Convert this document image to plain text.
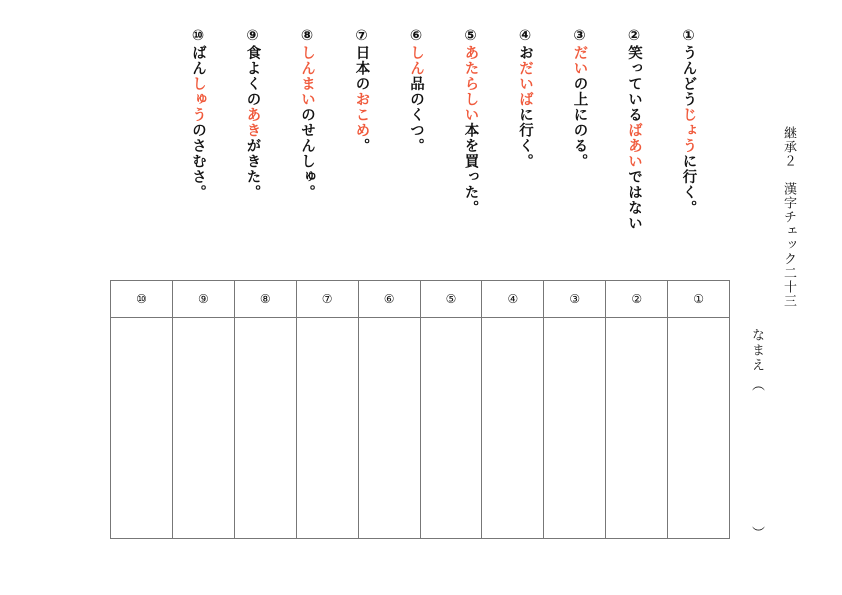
継承２　漢字チェック二十三
なまえ
（
）
①うんどうじょうに行く。
②笑っているばあいではない
③だいの上にのる。
④おだいばに行く。
⑤あたらしい本を買った。
⑥しん品のくつ。
⑦日本のおこめ。
⑧しんまいのせんしゅ。
⑨食よくのあきがきた。
⑩ばんしゅうのさむさ。
⑩	⑨	⑧	⑦	⑥	⑤	④	③	②	①
